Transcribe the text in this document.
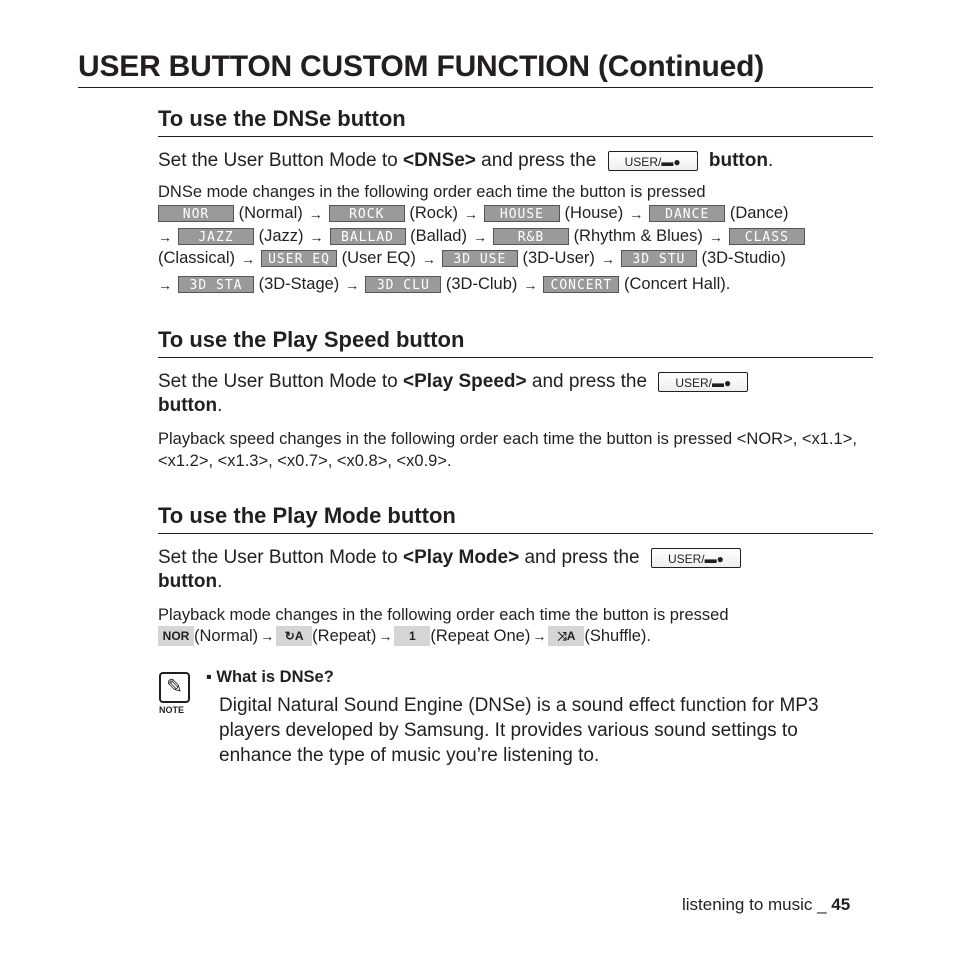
USER BUTTON CUSTOM FUNCTION (Continued)
To use the DNSe button
Set the User Button Mode to <DNSe> and press the USER/▬● button.
DNSe mode changes in the following order each time the button is pressed
NOR
	(Normal) →	ROCK
	(Rock) →	HOUSE
	(House) →	DANCE
	(Dance)
→	JAZZ
	(Jazz) →	BALLAD
(Ballad) →	R&B
	(Rhythm & Blues) →	CLASS
(Classical) →	USER EQ
(User EQ) →	3D USE
(3D-User) →	3D STU
(3D-Studio)
→	3D STA
(3D-Stage) →	3D CLU
(3D-Club) →	CONCERT
(Concert Hall).
To use the Play Speed button
Set the User Button Mode to <Play Speed> and press the USER/▬●
button.
Playback speed changes in the following order each time the button is pressed <NOR>, <x1.1>, <x1.2>, <x1.3>, <x0.7>, <x0.8>, <x0.9>.
To use the Play Mode button
Set the User Button Mode to <Play Mode> and press the USER/▬●
button.
Playback mode changes in the following order each time the button is pressed
NOR (Normal) → ↻A (Repeat) →	1 (Repeat One) → ⤨A (Shuffle).
✎
NOTE
▪ What is DNSe?
Digital Natural Sound Engine (DNSe) is a sound effect function for MP3 players developed by Samsung. It provides various sound settings to enhance the type of music you’re listening to.
listening to music _ 45
